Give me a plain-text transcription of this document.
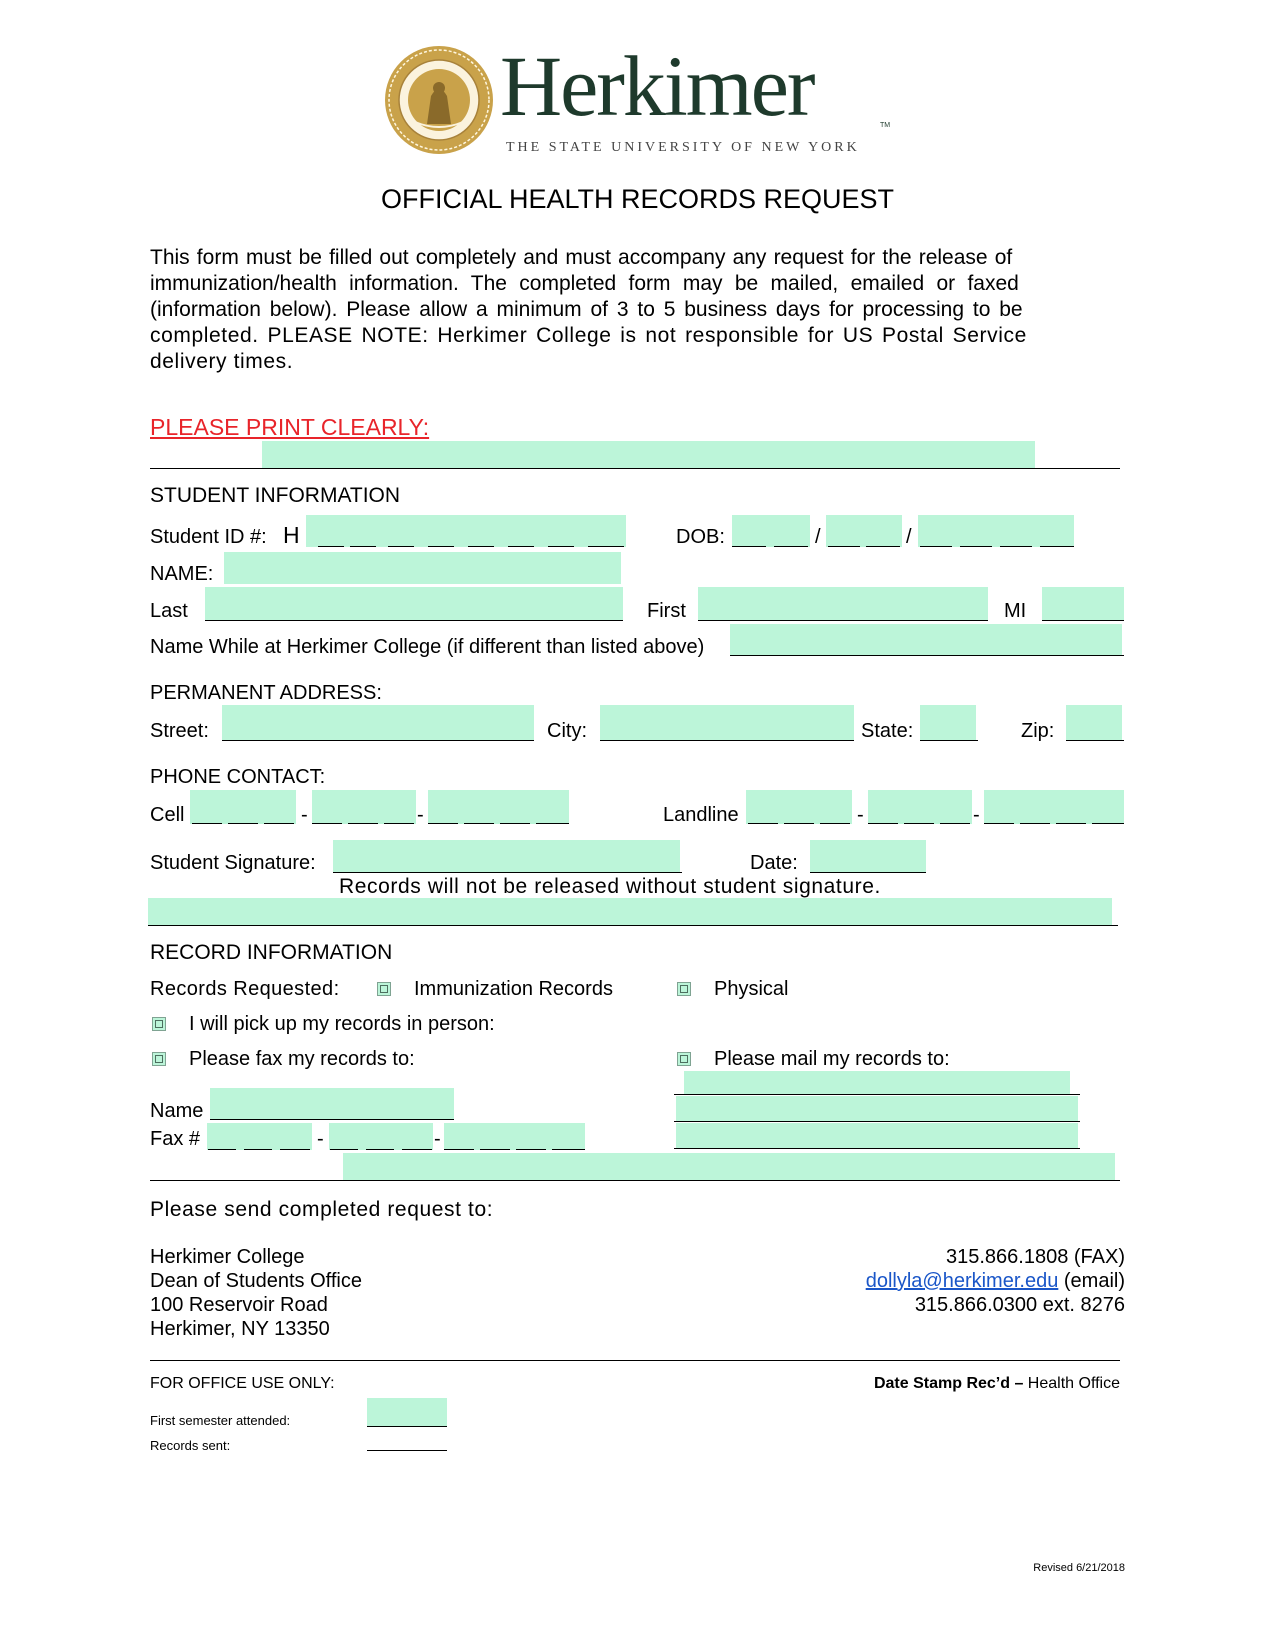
Herkimer	TM
THE STATE UNIVERSITY OF NEW YORK
OFFICIAL HEALTH RECORDS REQUEST
This form must be filled out completely and must accompany any request for the release of
immunization/health information. The completed form may be mailed, emailed or faxed
(information below). Please allow a minimum of 3 to 5 business days for processing to be
completed. PLEASE NOTE: Herkimer College is not responsible for US Postal Service
delivery times.
PLEASE PRINT CLEARLY:
STUDENT INFORMATION
Student ID #: H	DOB:	/	/
NAME:
Last	First	MI
Name While at Herkimer College (if different than listed above)
PERMANENT ADDRESS:
Street:	City:	State:	Zip:
PHONE CONTACT:
Cell	-	-	Landline	-	-
Student Signature:	Date:
Records will not be released without student signature.
RECORD INFORMATION
Records Requested:	Immunization Records	Physical
I will pick up my records in person:
Please fax my records to:	Please mail my records to:
Name
Fax #	-	-
Please send completed request to:
Herkimer College
Dean of Students Office
100 Reservoir Road
Herkimer, NY 13350
315.866.1808 (FAX)
dollyla@herkimer.edu (email)
315.866.0300 ext. 8276
FOR OFFICE USE ONLY:	Date Stamp Rec’d – Health Office
First semester attended:
Records sent:
Revised 6/21/2018
